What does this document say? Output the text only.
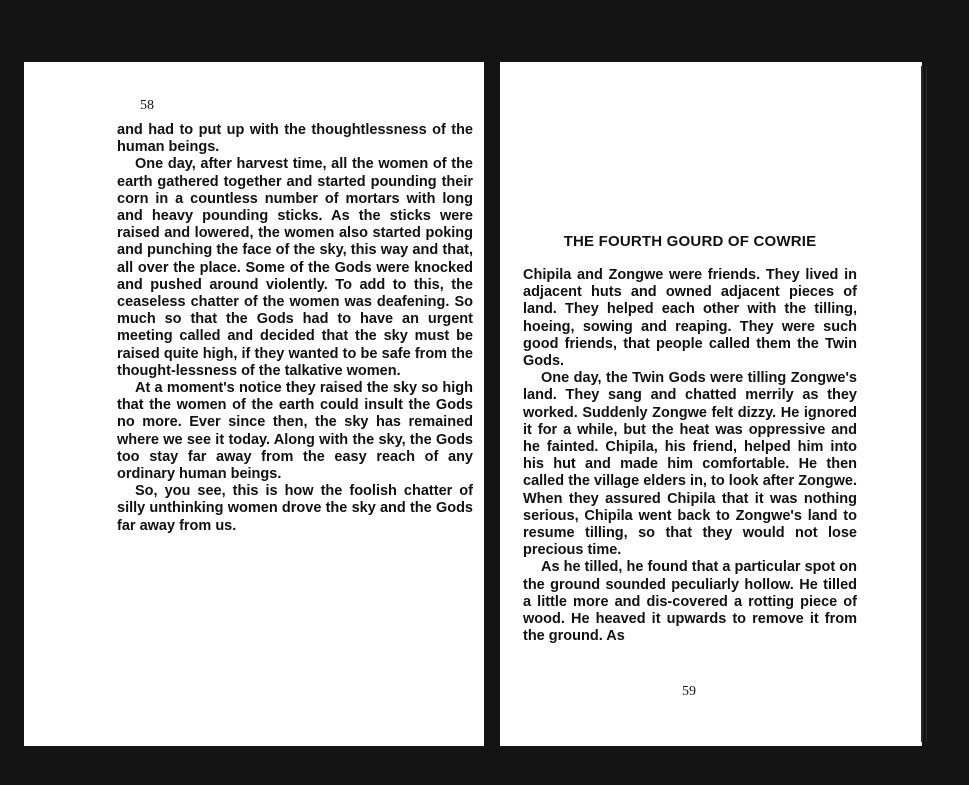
58

and had to put up with the thoughtlessness of the human beings.

One day, after harvest time, all the women of the earth gathered together and started pounding their corn in a countless number of mortars with long and heavy pounding sticks. As the sticks were raised and lowered, the women also started poking and punching the face of the sky, this way and that, all over the place. Some of the Gods were knocked and pushed around violently. To add to this, the ceaseless chatter of the women was deafening. So much so that the Gods had to have an urgent meeting called and decided that the sky must be raised quite high, if they wanted to be safe from the thought-lessness of the talkative women.

At a moment's notice they raised the sky so high that the women of the earth could insult the Gods no more. Ever since then, the sky has remained where we see it today. Along with the sky, the Gods too stay far away from the easy reach of any ordinary human beings.

So, you see, this is how the foolish chatter of silly unthinking women drove the sky and the Gods far away from us.

THE FOURTH GOURD OF COWRIE

Chipila and Zongwe were friends. They lived in adjacent huts and owned adjacent pieces of land. They helped each other with the tilling, hoeing, sowing and reaping. They were such good friends, that people called them the Twin Gods.

One day, the Twin Gods were tilling Zongwe's land. They sang and chatted merrily as they worked. Suddenly Zongwe felt dizzy. He ignored it for a while, but the heat was oppressive and he fainted. Chipila, his friend, helped him into his hut and made him comfortable. He then called the village elders in, to look after Zongwe. When they assured Chipila that it was nothing serious, Chipila went back to Zongwe's land to resume tilling, so that they would not lose precious time.

As he tilled, he found that a particular spot on the ground sounded peculiarly hollow. He tilled a little more and dis-covered a rotting piece of wood. He heaved it upwards to remove it from the ground. As

59
